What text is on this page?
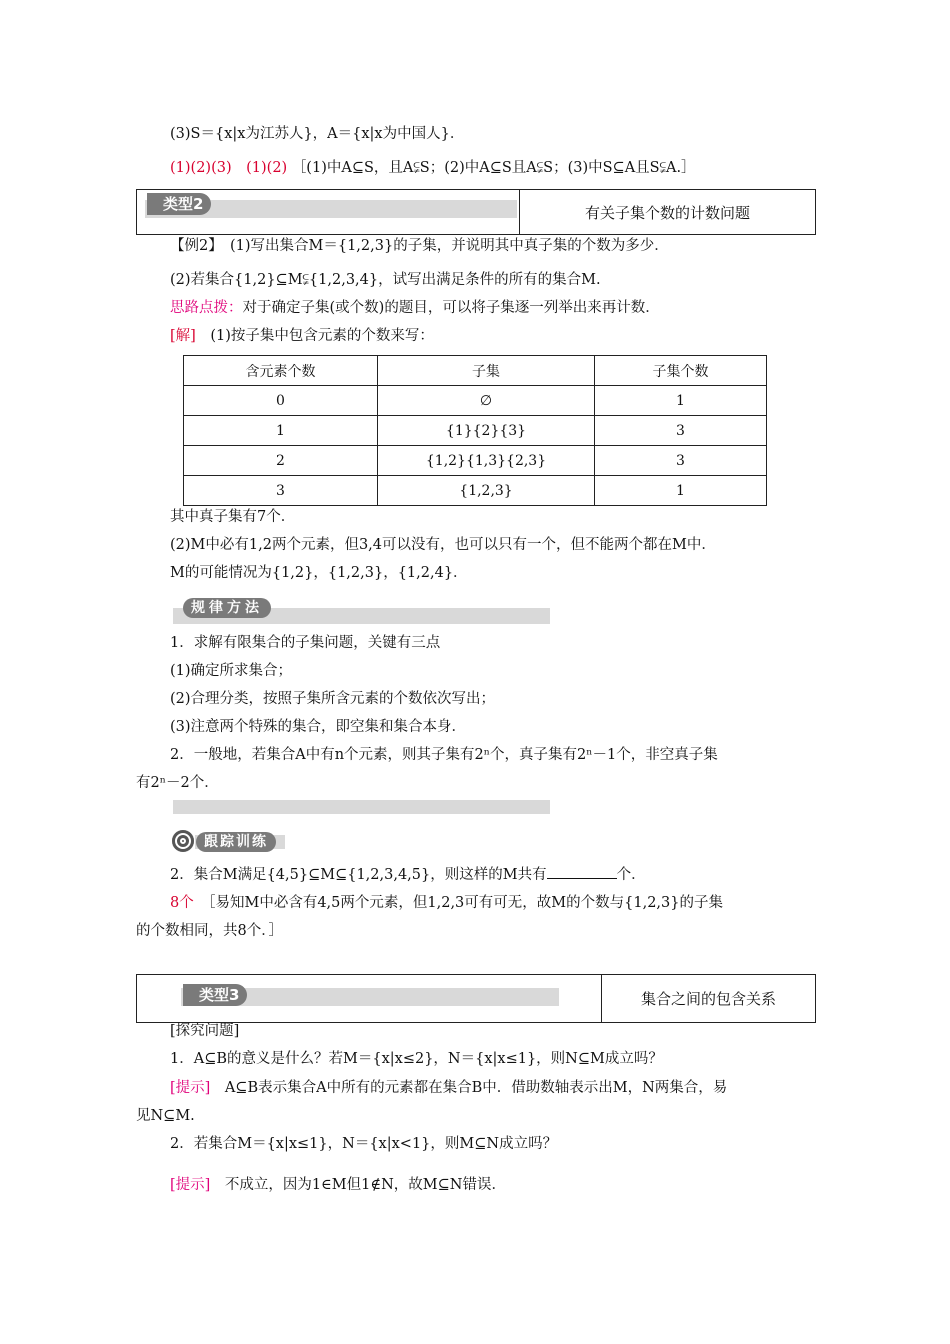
(3)S＝{x|x为江苏人}，A＝{x|x为中国人}．
(1)(2)(3)　(1)(2) ［(1)中A⊆S，且A⫋S；(2)中A⊆S且A⫋S；(3)中S⊆A且S⫋A.］
类型2	有关子集个数的计数问题
【例2】　(1)写出集合M＝{1,2,3}的子集，并说明其中真子集的个数为多少．
(2)若集合{1,2}⊆M⫋{1,2,3,4}，试写出满足条件的所有的集合M.
思路点拨：对于确定子集(或个数)的题目，可以将子集逐一列举出来再计数．
[解]　(1)按子集中包含元素的个数来写：
含元素个数	子集	子集个数
0	∅	1
1	{1}{2}{3}	3
2	{1,2}{1,3}{2,3}	3
3	{1,2,3}	1
其中真子集有7个．
(2)M中必有1,2两个元素，但3,4可以没有，也可以只有一个，但不能两个都在M中．
M的可能情况为{1,2}，{1,2,3}，{1,2,4}．
规律方法
1．求解有限集合的子集问题，关键有三点
(1)确定所求集合；
(2)合理分类，按照子集所含元素的个数依次写出；
(3)注意两个特殊的集合，即空集和集合本身．
2．一般地，若集合A中有n个元素，则其子集有2ⁿ个，真子集有2ⁿ－1个，非空真子集
有2ⁿ－2个．
跟踪训练
2．集合M满足{4,5}⊆M⊆{1,2,3,4,5}，则这样的M共有	个．
8个　 ［易知M中必含有4,5两个元素，但1,2,3可有可无，故M的个数与{1,2,3}的子集
的个数相同，共8个．］
类型3	集合之间的包含关系
[探究问题]
1．A⊆B的意义是什么？若M＝{x|x≤2}，N＝{x|x≤1}，则N⊆M成立吗？
[提示]　A⊆B表示集合A中所有的元素都在集合B中．借助数轴表示出M，N两集合，易
见N⊆M.
2．若集合M＝{x|x≤1}，N＝{x|x<1}，则M⊆N成立吗？
[提示]　不成立，因为1∈M但1∉N，故M⊆N错误．
